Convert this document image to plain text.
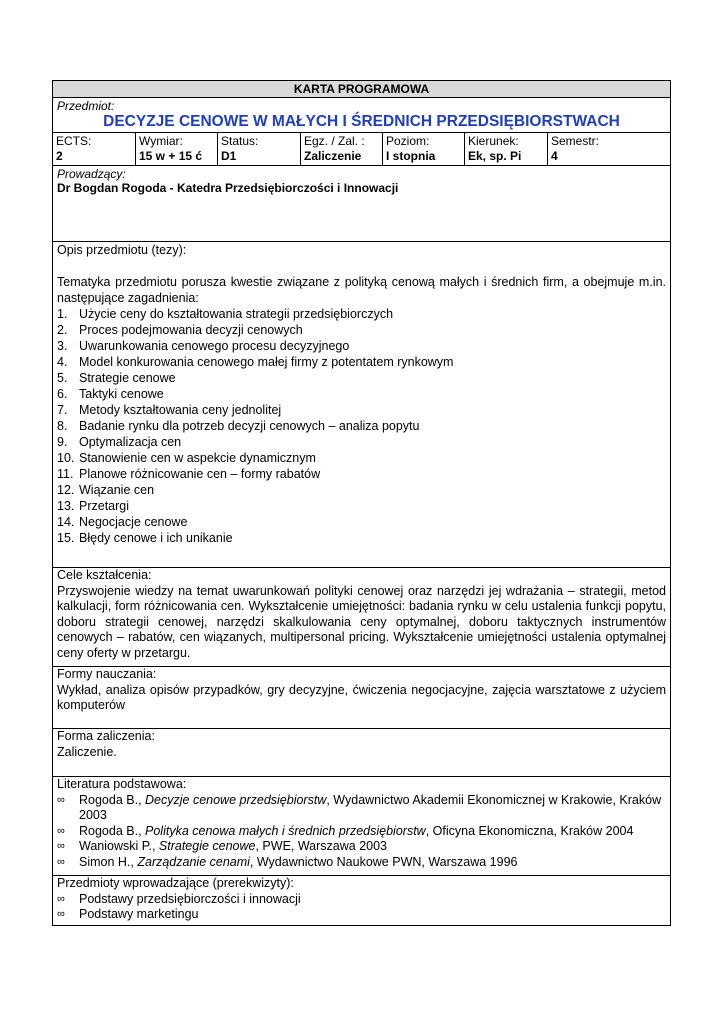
KARTA PROGRAMOWA
Przedmiot:
DECYZJE CENOWE W MAŁYCH I ŚREDNICH PRZEDSIĘBIORSTWACH
ECTS:
2
Wymiar:
15 w + 15 ć
Status:
D1
Egz. / Zal. :
Zaliczenie
Poziom:
I stopnia
Kierunek:
Ek, sp. Pi
Semestr:
4
Prowadzący:
Dr Bogdan Rogoda - Katedra Przedsiębiorczości i Innowacji
Opis przedmiotu (tezy):

Tematyka przedmiotu porusza kwestie związane z polityką cenową małych i średnich firm, a obejmuje m.in. następujące zagadnienia:

1. Użycie ceny do kształtowania strategii przedsiębiorczych
2. Proces podejmowania decyzji cenowych
3. Uwarunkowania cenowego procesu decyzyjnego
4. Model konkurowania cenowego małej firmy z potentatem rynkowym
5. Strategie cenowe
6. Taktyki cenowe
7. Metody kształtowania ceny jednolitej
8. Badanie rynku dla potrzeb decyzji cenowych – analiza popytu
9. Optymalizacja cen
10. Stanowienie cen w aspekcie dynamicznym
11. Planowe różnicowanie cen – formy rabatów
12. Wiązanie cen
13. Przetargi
14. Negocjacje cenowe
15. Błędy cenowe i ich unikanie
Cele kształcenia:

Przyswojenie wiedzy na temat uwarunkowań polityki cenowej oraz narzędzi jej wdrażania – strategii, metod kalkulacji, form różnicowania cen. Wykształcenie umiejętności: badania rynku w celu ustalenia funkcji popytu, doboru strategii cenowej, narzędzi skalkulowania ceny optymalnej, doboru taktycznych instrumentów cenowych – rabatów, cen wiązanych, multipersonal pricing. Wykształcenie umiejętności ustalenia optymalnej ceny oferty w przetargu.

Formy nauczania:

Wykład, analiza opisów przypadków, gry decyzyjne, ćwiczenia negocjacyjne, zajęcia warsztatowe z użyciem komputerów

Forma zaliczenia:

Zaliczenie.

Literatura podstawowa:
∞	Rogoda B., Decyzje cenowe przedsiębiorstw, Wydawnictwo Akademii Ekonomicznej w Krakowie, Kraków 2003
∞	Rogoda B., Polityka cenowa małych i średnich przedsiębiorstw, Oficyna Ekonomiczna, Kraków 2004
∞	Waniowski P., Strategie cenowe, PWE, Warszawa 2003
∞	Simon H., Zarządzanie cenami, Wydawnictwo Naukowe PWN, Warszawa 1996
Przedmioty wprowadzające (prerekwizyty):
∞	Podstawy przedsiębiorczości i innowacji
∞	Podstawy marketingu
